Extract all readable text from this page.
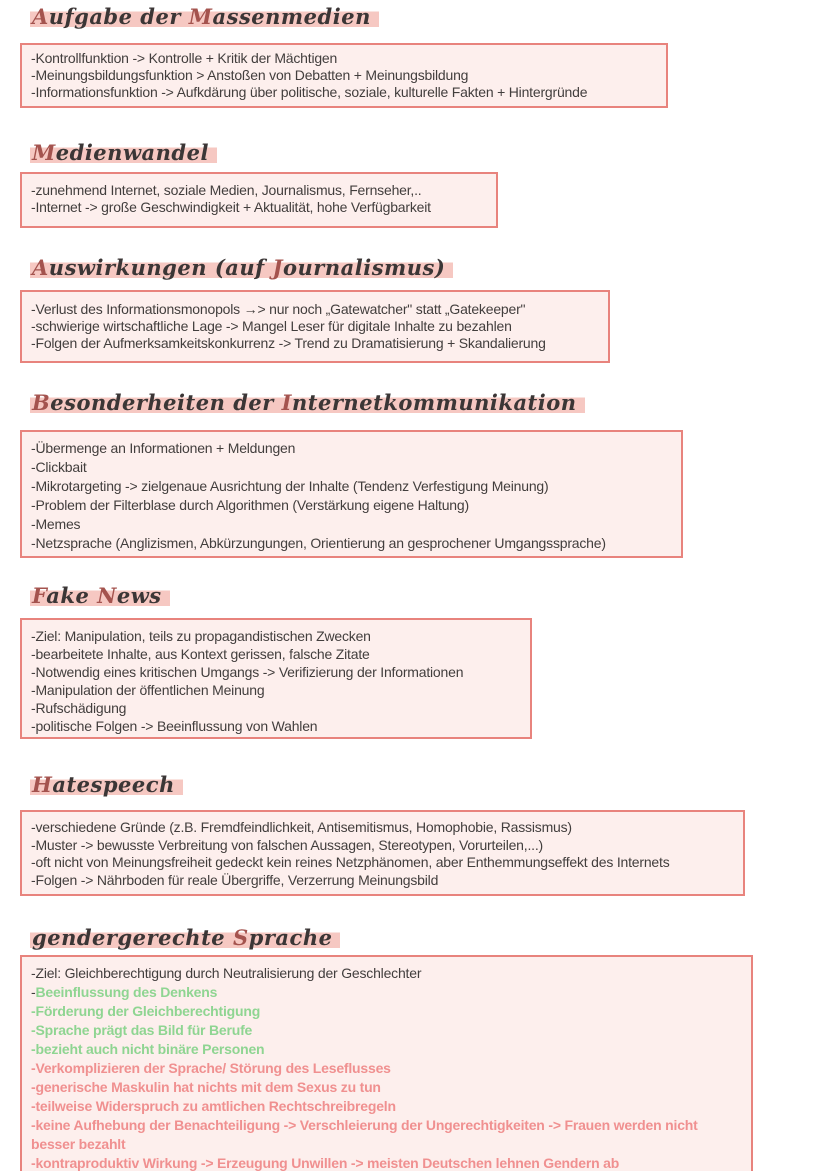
Aufgabe der Massenmedien
-Kontrollfunktion -> Kontrolle + Kritik der Mächtigen
-Meinungsbildungsfunktion > Anstoßen von Debatten + Meinungsbildung
-Informationsfunktion -> Aufkdärung über politische, soziale, kulturelle Fakten + Hintergründe
Medienwandel
-zunehmend Internet, soziale Medien, Journalismus, Fernseher,..
-Internet -> große Geschwindigkeit + Aktualität, hohe Verfügbarkeit
Auswirkungen (auf Journalismus)
-Verlust des Informationsmonopols →> nur noch „Gatewatcher" statt „Gatekeeper"
-schwierige wirtschaftliche Lage -> Mangel Leser für digitale Inhalte zu bezahlen
-Folgen der Aufmerksamkeitskonkurrenz -> Trend zu Dramatisierung + Skandalierung
Besonderheiten der Internetkommunikation
-Übermenge an Informationen + Meldungen
-Clickbait
-Mikrotargeting -> zielgenaue Ausrichtung der Inhalte (Tendenz Verfestigung Meinung)
-Problem der Filterblase durch Algorithmen (Verstärkung eigene Haltung)
-Memes
-Netzsprache (Anglizismen, Abkürzungungen, Orientierung an gesprochener Umgangssprache)
Fake News
-Ziel: Manipulation, teils zu propagandistischen Zwecken
-bearbeitete Inhalte, aus Kontext gerissen, falsche Zitate
-Notwendig eines kritischen Umgangs -> Verifizierung der Informationen
-Manipulation der öffentlichen Meinung
-Rufschädigung
-politische Folgen -> Beeinflussung von Wahlen
Hatespeech
-verschiedene Gründe (z.B. Fremdfeindlichkeit, Antisemitismus, Homophobie, Rassismus)
-Muster -> bewusste Verbreitung von falschen Aussagen, Stereotypen, Vorurteilen,...)
-oft nicht von Meinungsfreiheit gedeckt kein reines Netzphänomen, aber Enthemmungseffekt des Internets
-Folgen -> Nährboden für reale Übergriffe, Verzerrung Meinungsbild
gendergerechte Sprache
-Ziel: Gleichberechtigung durch Neutralisierung der Geschlechter
-Beeinflussung des Denkens
-Förderung der Gleichberechtigung
-Sprache prägt das Bild für Berufe
-bezieht auch nicht binäre Personen
-Verkomplizieren der Sprache/ Störung des Leseflusses
-generische Maskulin hat nichts mit dem Sexus zu tun
-teilweise Widerspruch zu amtlichen Rechtschreibregeln
-keine Aufhebung der Benachteiligung -> Verschleierung der Ungerechtigkeiten -> Frauen werden nicht besser bezahlt
-kontraproduktiv Wirkung -> Erzeugung Unwillen -> meisten Deutschen lehnen Gendern ab
